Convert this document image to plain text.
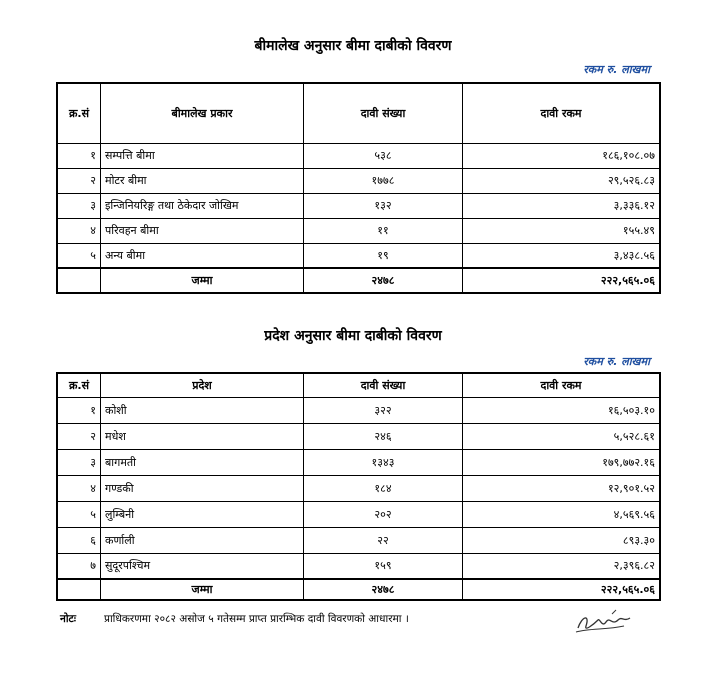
बीमालेख अनुसार बीमा दाबीको विवरण
रकम रु. लाखमा
क्र.सं	बीमालेख प्रकार	दावी संख्या	दावी रकम
१	सम्पत्ति बीमा	५३८	१८६,१०८.०७
२	मोटर बीमा	१७७८	२९,५२६.८३
३	इन्जिनियरिङ्ग तथा ठेकेदार जोखिम	१३२	३,३३६.१२
४	परिवहन बीमा	११	१५५.४९
५	अन्य बीमा	१९	३,४३८.५६
	जम्मा	२४७८	२२२,५६५.०६
प्रदेश अनुसार बीमा दाबीको विवरण
रकम रु. लाखमा
क्र.सं	प्रदेश	दावी संख्या	दावी रकम
१	कोशी	३२२	१६,५०३.१०
२	मधेश	२४६	५,५२८.६१
३	बागमती	१३४३	१७९,७७२.१६
४	गण्डकी	१८४	१२,९०१.५२
५	लुम्बिनी	२०२	४,५६९.५६
६	कर्णाली	२२	८९३.३०
७	सुदूरपश्चिम	१५९	२,३९६.८२
	जम्मा	२४७८	२२२,५६५.०६
नोटः	प्राधिकरणमा २०८२ असोज ५ गतेसम्म प्राप्त प्रारम्भिक दावी विवरणको आधारमा ।
